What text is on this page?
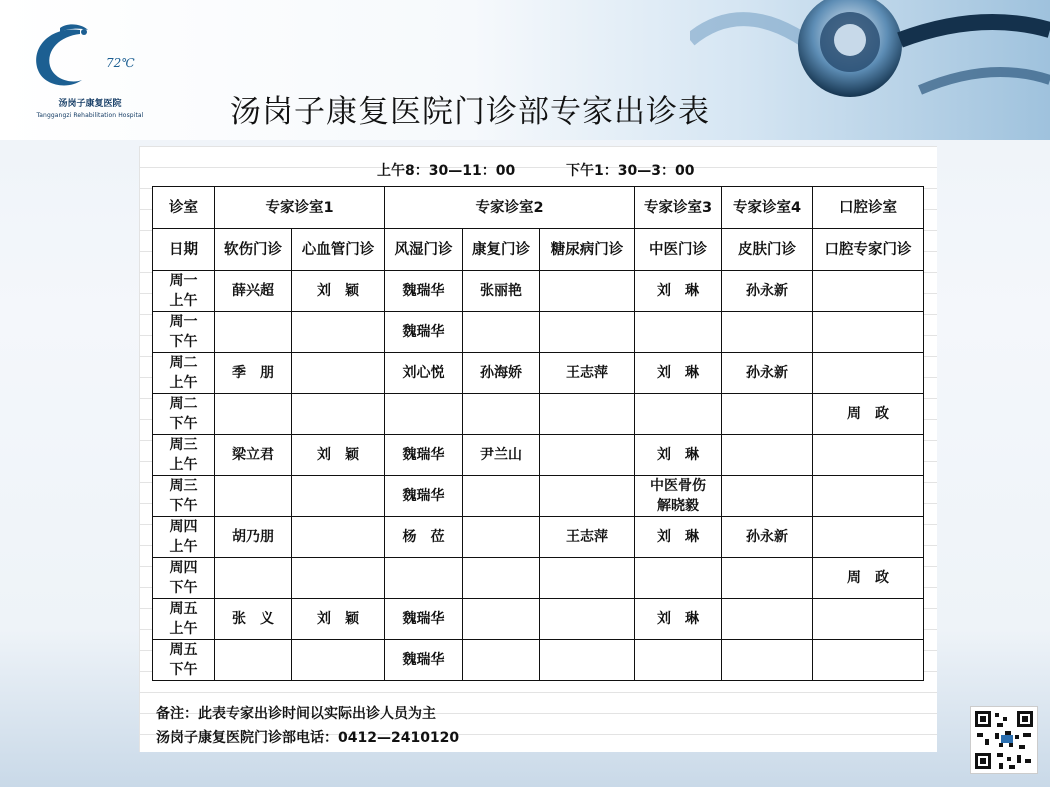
72℃
汤岗子康复医院
Tanggangzi Rehabilitation Hospital	汤岗子康复医院门诊部专家出诊表
上午8：30—11：00	下午1：30—3：00
诊室	专家诊室1		专家诊室2			专家诊室3	专家诊室4	口腔诊室
日期	软伤门诊	心血管门诊	风湿门诊	康复门诊	糖尿病门诊	中医门诊	皮肤门诊	口腔专家门诊
周一
上午	薛兴超	刘　颖	魏瑞华	张丽艳		刘　琳	孙永新	
周一
下午			魏瑞华					
周二
上午	季　朋		刘心悦	孙海娇	王志萍	刘　琳	孙永新	
周二
下午								周　政
周三
上午	梁立君	刘　颖	魏瑞华	尹兰山		刘　琳		
周三
下午			魏瑞华			中医骨伤
解晓毅		
周四
上午	胡乃朋		杨　莅		王志萍	刘　琳	孙永新	
周四
下午								周　政
周五
上午	张　义	刘　颖	魏瑞华			刘　琳		
周五
下午			魏瑞华					
备注：此表专家出诊时间以实际出诊人员为主
汤岗子康复医院门诊部电话：0412—2410120
